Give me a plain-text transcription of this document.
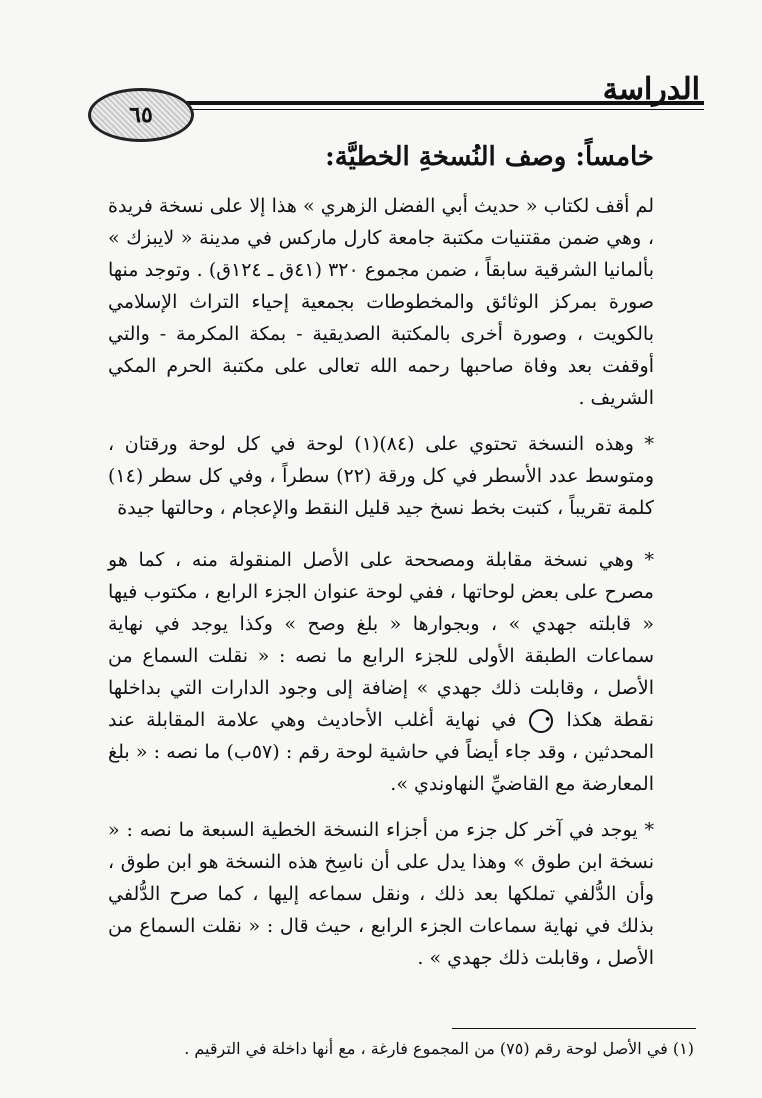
الدراسة
٦٥
خامساً: وصف النُسخةِ الخطيَّة:

لم أقف لكتاب « حديث أبي الفضل الزهري » هذا إلا على نسخة فريدة ، وهي ضمن مقتنيات مكتبة جامعة كارل ماركس في مدينة « لايبزك » بألمانيا الشرقية سابقاً ، ضمن مجموع ٣٢٠ (٤١ق ـ ١٢٤ق) . وتوجد منها صورة بمركز الوثائق والمخطوطات بجمعية إحياء التراث الإسلامي بالكويت ، وصورة أخرى بالمكتبة الصديقية - بمكة المكرمة - والتي أوقفت بعد وفاة صاحبها رحمه الله تعالى على مكتبة الحرم المكي الشريف .

* وهذه النسخة تحتوي على (٨٤)(١) لوحة في كل لوحة ورقتان ، ومتوسط عدد الأسطر في كل ورقة (٢٢) سطراً ، وفي كل سطر (١٤) كلمة تقريباً ، كتبت بخط نسخ جيد قليل النقط والإعجام ، وحالتها جيدة

* وهي نسخة مقابلة ومصححة على الأصل المنقولة منه ، كما هو مصرح على بعض لوحاتها ، ففي لوحة عنوان الجزء الرابع ، مكتوب فيها « قابلته جهدي » ، وبجوارها « بلغ وصح » وكذا يوجد في نهاية سماعات الطبقة الأولى للجزء الرابع ما نصه : « نقلت السماع من الأصل ، وقابلت ذلك جهدي » إضافة إلى وجود الدارات التي بداخلها نقطة هكذا • في نهاية أغلب الأحاديث وهي علامة المقابلة عند المحدثين ، وقد جاء أيضاً في حاشية لوحة رقم : (٥٧ب) ما نصه : « بلغ المعارضة مع القاضيِّ النهاوندي ».

* يوجد في آخر كل جزء من أجزاء النسخة الخطية السبعة ما نصه : « نسخة ابن طوق » وهذا يدل على أن ناسِخ هذه النسخة هو ابن طوق ، وأن الدُّلفي تملكها بعد ذلك ، ونقل سماعه إليها ، كما صرح الدُّلفي بذلك في نهاية سماعات الجزء الرابع ، حيث قال : « نقلت السماع من الأصل ، وقابلت ذلك جهدي » .

(١) في الأصل لوحة رقم (٧٥) من المجموع فارغة ، مع أنها داخلة في الترقيم .
